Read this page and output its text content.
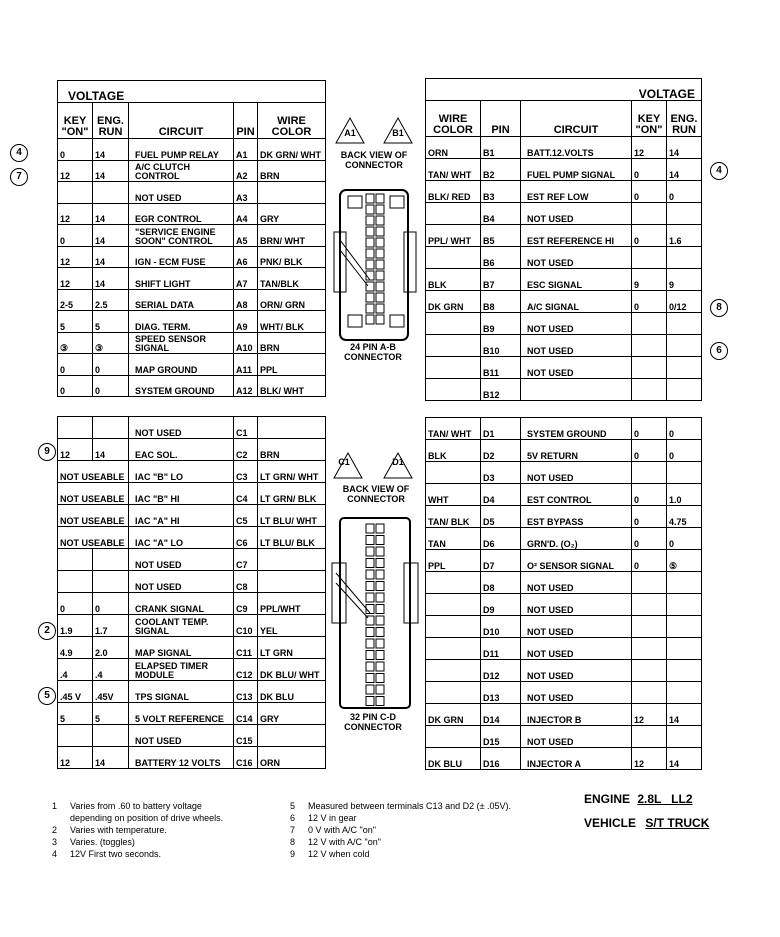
VOLTAGE				
KEY "ON"	ENG. RUN	CIRCUIT	PIN	WIRE COLOR
0	14	FUEL PUMP RELAY	A1	DK GRN/ WHT
12	14	A/C CLUTCH CONTROL	A2	BRN
		NOT USED	A3	
12	14	EGR CONTROL	A4	GRY
0	14	"SERVICE ENGINE SOON" CONTROL	A5	BRN/ WHT
12	14	IGN - ECM FUSE	A6	PNK/ BLK
12	14	SHIFT LIGHT	A7	TAN/BLK
2-5	2.5	SERIAL DATA	A8	ORN/ GRN
5	5	DIAG. TERM.	A9	WHT/ BLK
③	③	SPEED SENSOR SIGNAL	A10	BRN
0	0	MAP GROUND	A11	PPL
0	0	SYSTEM GROUND	A12	BLK/ WHT
		NOT USED	C1	
12	14	EAC SOL.	C2	BRN
NOT USEABLE		IAC "B" LO	C3	LT GRN/ WHT
NOT USEABLE		IAC "B" HI	C4	LT GRN/ BLK
NOT USEABLE		IAC "A" HI	C5	LT BLU/ WHT
NOT USEABLE		IAC "A" LO	C6	LT BLU/ BLK
		NOT USED	C7	
		NOT USED	C8	
0	0	CRANK SIGNAL	C9	PPL/WHT
1.9	1.7	COOLANT TEMP. SIGNAL	C10	YEL
4.9	2.0	MAP SIGNAL	C11	LT GRN
.4	.4	ELAPSED TIMER MODULE	C12	DK BLU/ WHT
.45 V	.45V	TPS SIGNAL	C13	DK BLU
5	5	5 VOLT REFERENCE	C14	GRY
		NOT USED	C15	
12	14	BATTERY 12 VOLTS	C16	ORN
VOLTAGE				
WIRE COLOR	PIN	CIRCUIT	KEY "ON"	ENG. RUN
ORN	B1	BATT.12.VOLTS	12	14
TAN/ WHT	B2	FUEL PUMP SIGNAL	0	14
BLK/ RED	B3	EST REF LOW	0	0
	B4	NOT USED		
PPL/ WHT	B5	EST REFERENCE HI	0	1.6
	B6	NOT USED		
BLK	B7	ESC SIGNAL	9	9
DK GRN	B8	A/C SIGNAL	0	0/12
	B9	NOT USED		
	B10	NOT USED		
	B11	NOT USED		
	B12			
TAN/ WHT	D1	SYSTEM GROUND	0	0
BLK	D2	5V RETURN	0	0
	D3	NOT USED		
WHT	D4	EST CONTROL	0	1.0
TAN/ BLK	D5	EST BYPASS	0	4.75
TAN	D6	GRN'D. (O₂)	0	0
PPL	D7	O² SENSOR SIGNAL	0	⑤
	D8	NOT USED		
	D9	NOT USED		
	D10	NOT USED		
	D11	NOT USED		
	D12	NOT USED		
	D13	NOT USED		
DK GRN	D14	INJECTOR B	12	14
	D15	NOT USED		
DK BLU	D16	INJECTOR A	12	14
4
7
9
2
5
4
8
6
A1	B1
BACK VIEW OF CONNECTOR
24 PIN A-B CONNECTOR
C1	D1
BACK VIEW OF CONNECTOR
32 PIN C-D CONNECTOR
1 Varies from .60 to battery voltage
depending on position of drive wheels.
2 Varies with temperature.
3 Varies. (toggles)
4 12V First two seconds.
5 Measured between terminals C13 and D2 (± .05V).
6 12 V in gear
7 0 V with A/C "on"
8 12 V with A/C "on"
9 12 V when cold
ENGINE 2.8L   LL2
VEHICLE S/T TRUCK
